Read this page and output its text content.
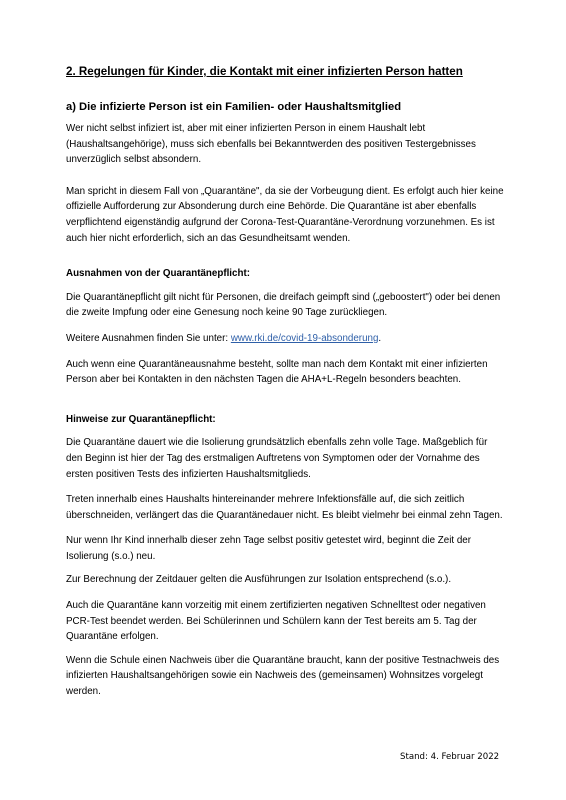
2. Regelungen für Kinder, die Kontakt mit einer infizierten Person hatten
a) Die infizierte Person ist ein Familien- oder Haushaltsmitglied

Wer nicht selbst infiziert ist, aber mit einer infizierten Person in einem Haushalt lebt (Haushaltsangehörige), muss sich ebenfalls bei Bekanntwerden des positiven Testergebnisses unverzüglich selbst absondern.

Man spricht in diesem Fall von „Quarantäne", da sie der Vorbeugung dient. Es erfolgt auch hier keine offizielle Aufforderung zur Absonderung durch eine Behörde. Die Quarantäne ist aber ebenfalls verpflichtend eigenständig aufgrund der Corona-Test-Quarantäne-Verordnung vorzunehmen. Es ist auch hier nicht erforderlich, sich an das Gesundheitsamt wenden.

Ausnahmen von der Quarantänepflicht:

Die Quarantänepflicht gilt nicht für Personen, die dreifach geimpft sind („geboostert") oder bei denen die zweite Impfung oder eine Genesung noch keine 90 Tage zurückliegen.

Weitere Ausnahmen finden Sie unter: www.rki.de/covid-19-absonderung.

Auch wenn eine Quarantäneausnahme besteht, sollte man nach dem Kontakt mit einer infizierten Person aber bei Kontakten in den nächsten Tagen die AHA+L-Regeln besonders beachten.

Hinweise zur Quarantänepflicht:

Die Quarantäne dauert wie die Isolierung grundsätzlich ebenfalls zehn volle Tage. Maßgeblich für den Beginn ist hier der Tag des erstmaligen Auftretens von Symptomen oder der Vornahme des ersten positiven Tests des infizierten Haushaltsmitglieds.

Treten innerhalb eines Haushalts hintereinander mehrere Infektionsfälle auf, die sich zeitlich überschneiden, verlängert das die Quarantänedauer nicht. Es bleibt vielmehr bei einmal zehn Tagen.

Nur wenn Ihr Kind innerhalb dieser zehn Tage selbst positiv getestet wird, beginnt die Zeit der Isolierung (s.o.) neu.

Zur Berechnung der Zeitdauer gelten die Ausführungen zur Isolation entsprechend (s.o.).

Auch die Quarantäne kann vorzeitig mit einem zertifizierten negativen Schnelltest oder negativen PCR-Test beendet werden. Bei Schülerinnen und Schülern kann der Test bereits am 5. Tag der Quarantäne erfolgen.

Wenn die Schule einen Nachweis über die Quarantäne braucht, kann der positive Testnachweis des infizierten Haushaltsangehörigen sowie ein Nachweis des (gemeinsamen) Wohnsitzes vorgelegt werden.

Stand: 4. Februar 2022
